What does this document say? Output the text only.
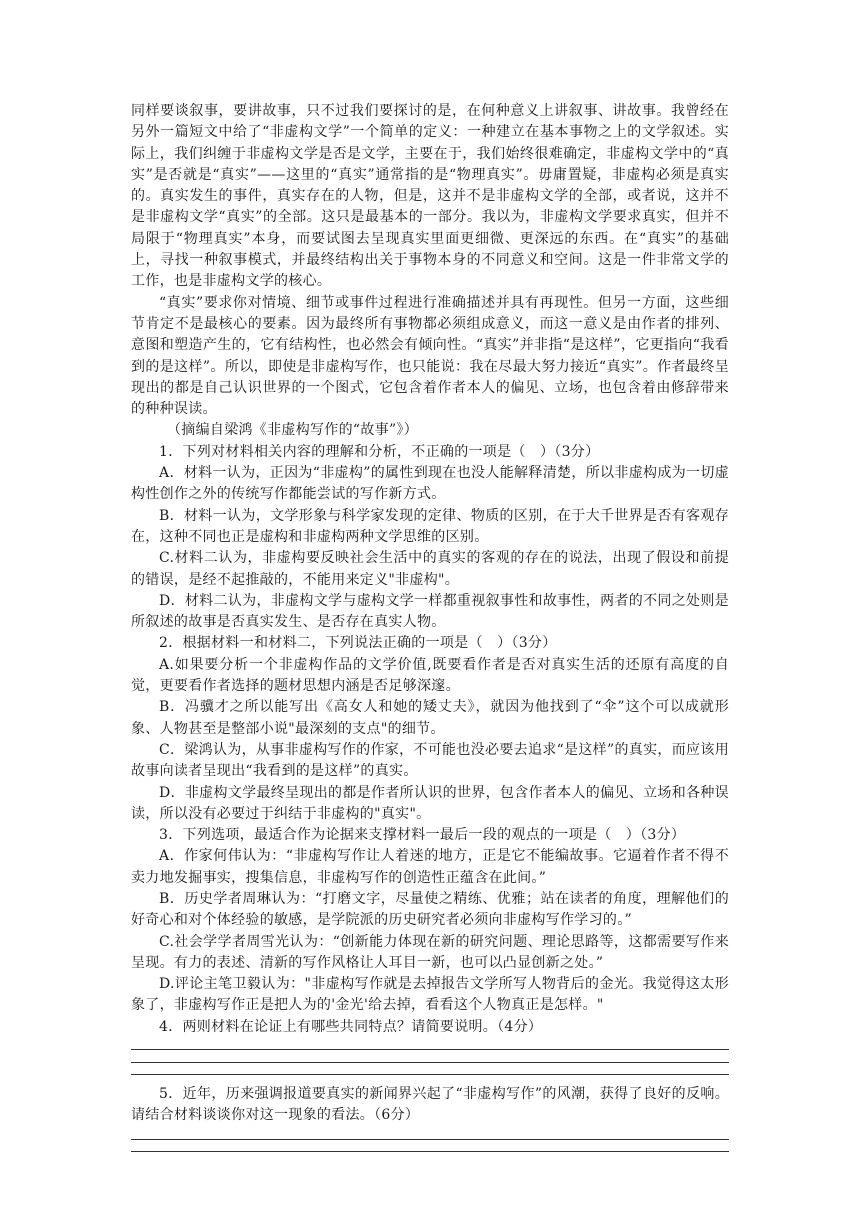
同样要谈叙事，要讲故事，只不过我们要探讨的是，在何种意义上讲叙事、讲故事。我曾经在另外一篇短文中给了“非虚构文学”一个简单的定义：一种建立在基本事物之上的文学叙述。实际上，我们纠缠于非虚构文学是否是文学，主要在于，我们始终很难确定，非虚构文学中的“真实”是否就是“真实”——这里的“真实”通常指的是“物理真实”。毋庸置疑，非虚构必须是真实的。真实发生的事件，真实存在的人物，但是，这并不是非虚构文学的全部，或者说，这并不是非虚构文学“真实”的全部。这只是最基本的一部分。我以为，非虚构文学要求真实，但并不局限于“物理真实”本身，而要试图去呈现真实里面更细微、更深远的东西。在“真实”的基础上，寻找一种叙事模式，并最终结构出关于事物本身的不同意义和空间。这是一件非常文学的工作，也是非虚构文学的核心。

“真实”要求你对情境、细节或事件过程进行准确描述并具有再现性。但另一方面，这些细节肯定不是最核心的要素。因为最终所有事物都必须组成意义，而这一意义是由作者的排列、意图和塑造产生的，它有结构性，也必然会有倾向性。“真实”并非指“是这样”，它更指向“我看到的是这样”。所以，即使是非虚构写作，也只能说：我在尽最大努力接近“真实”。作者最终呈现出的都是自己认识世界的一个图式，它包含着作者本人的偏见、立场，也包含着由修辞带来的种种误读。

（摘编自梁鸿《非虚构写作的“故事”》）

1．下列对材料相关内容的理解和分析，不正确的一项是（　）（3分）

A．材料一认为，正因为“非虚构”的属性到现在也没人能解释清楚，所以非虚构成为一切虚构性创作之外的传统写作都能尝试的写作新方式。

B．材料一认为，文学形象与科学家发现的定律、物质的区别，在于大千世界是否有客观存在，这种不同也正是虚构和非虚构两种文学思维的区别。

C.材料二认为，非虚构要反映社会生活中的真实的客观的存在的说法，出现了假设和前提的错误，是经不起推敲的，不能用来定义"非虚构"。

D．材料二认为，非虚构文学与虚构文学一样都重视叙事性和故事性，两者的不同之处则是所叙述的故事是否真实发生、是否存在真实人物。

2．根据材料一和材料二，下列说法正确的一项是（　）（3分）

A.如果要分析一个非虚构作品的文学价值,既要看作者是否对真实生活的还原有高度的自觉，更要看作者选择的题材思想内涵是否足够深邃。

B．冯骥才之所以能写出《高女人和她的矮丈夫》，就因为他找到了“伞”这个可以成就形象、人物甚至是整部小说"最深刻的支点"的细节。

C．梁鸿认为，从事非虚构写作的作家，不可能也没必要去追求“是这样”的真实，而应该用故事向读者呈现出“我看到的是这样”的真实。

D．非虚构文学最终呈现出的都是作者所认识的世界，包含作者本人的偏见、立场和各种误读，所以没有必要过于纠结于非虚构的"真实"。

3．下列选项，最适合作为论据来支撑材料一最后一段的观点的一项是（　）（3分）

A．作家何伟认为：“非虚构写作让人着迷的地方，正是它不能编故事。它逼着作者不得不卖力地发掘事实，搜集信息，非虚构写作的创造性正蕴含在此间。”

B．历史学者周琳认为：“打磨文字，尽量使之精练、优雅；站在读者的角度，理解他们的好奇心和对个体经验的敏感，是学院派的历史研究者必须向非虚构写作学习的。”

C.社会学学者周雪光认为：“创新能力体现在新的研究问题、理论思路等，这都需要写作来呈现。有力的表述、清新的写作风格让人耳目一新，也可以凸显创新之处。”

D.评论主笔卫毅认为："非虚构写作就是去掉报告文学所写人物背后的金光。我觉得这太形象了，非虚构写作正是把人为的'金光'给去掉，看看这个人物真正是怎样。"

4．两则材料在论证上有哪些共同特点？请简要说明。（4分）

5．近年，历来强调报道要真实的新闻界兴起了“非虚构写作”的风潮，获得了良好的反响。请结合材料谈谈你对这一现象的看法。（6分）
